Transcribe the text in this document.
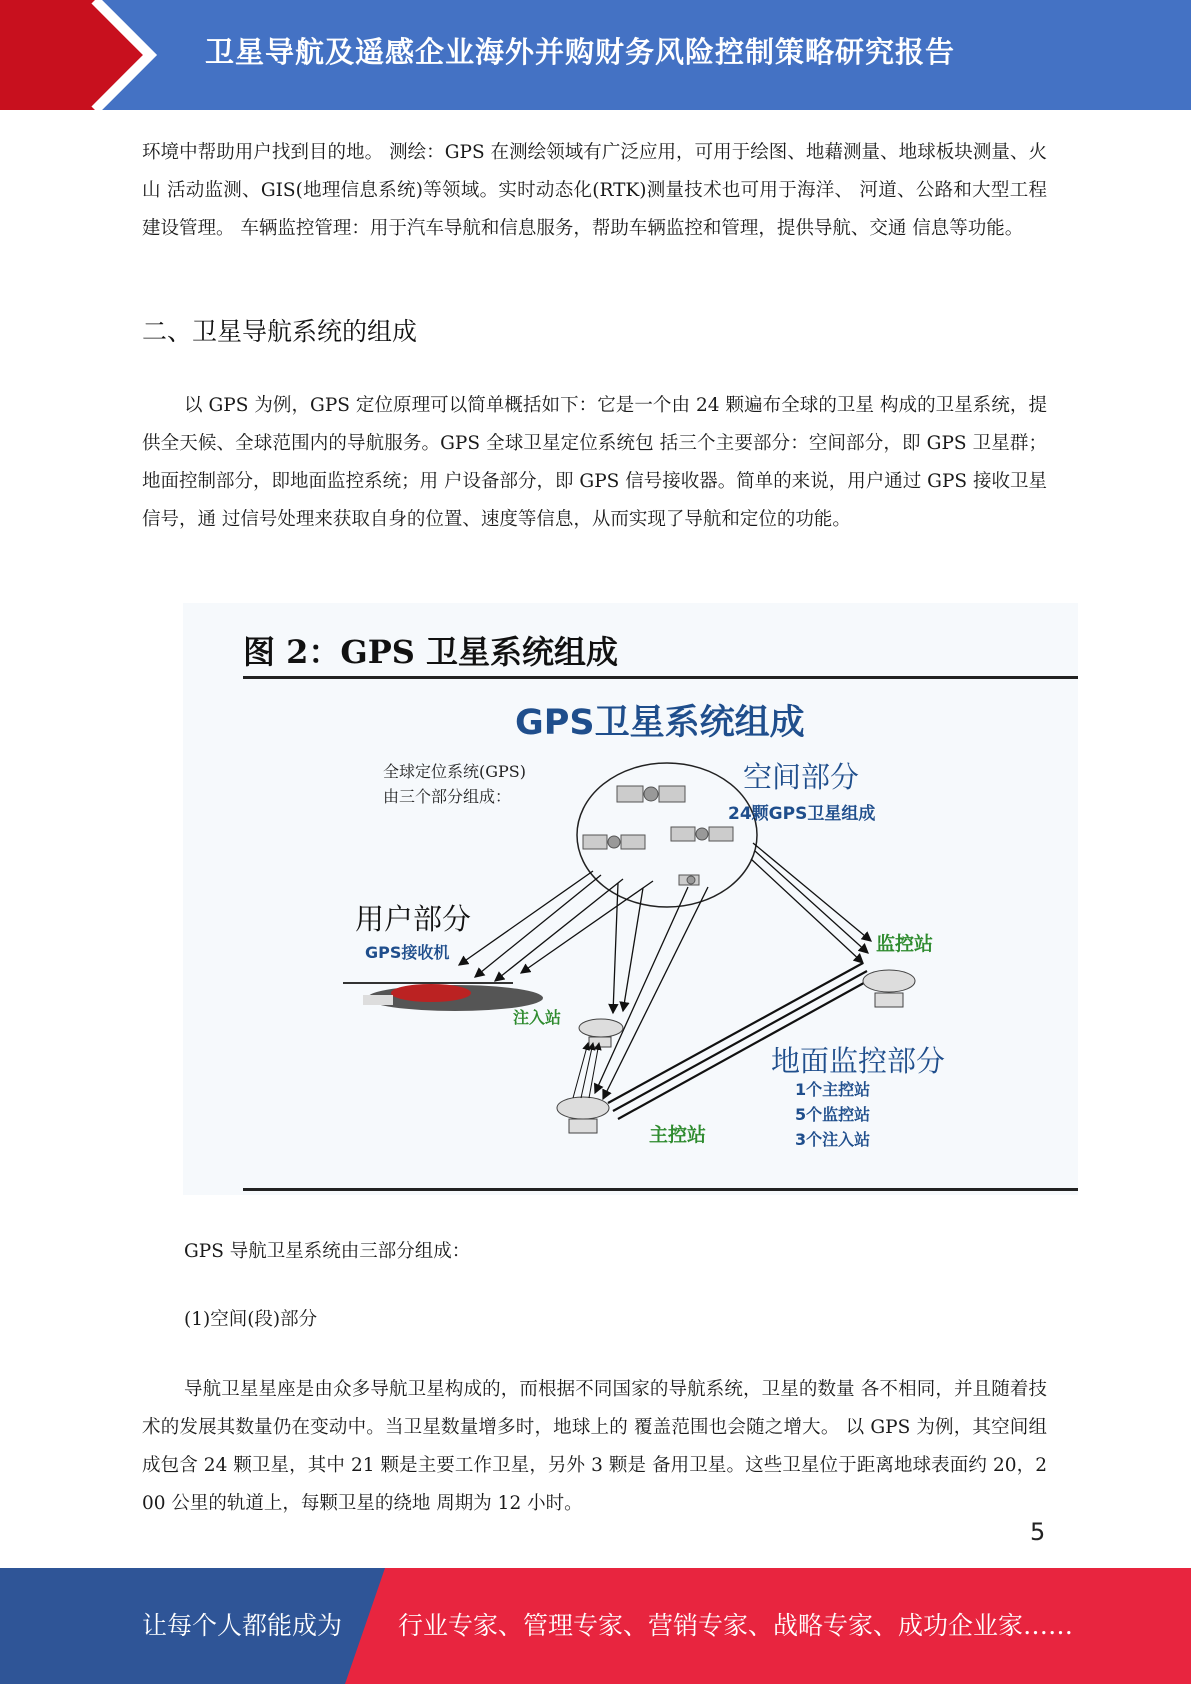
卫星导航及遥感企业海外并购财务风险控制策略研究报告
环境中帮助用户找到目的地。 测绘：GPS 在测绘领域有广泛应用，可用于绘图、地藉测量、地球板块测量、火山 活动监测、GIS(地理信息系统)等领域。实时动态化(RTK)测量技术也可用于海洋、 河道、公路和大型工程建设管理。 车辆监控管理：用于汽车导航和信息服务，帮助车辆监控和管理，提供导航、交通 信息等功能。
二、卫星导航系统的组成
以 GPS 为例，GPS 定位原理可以简单概括如下：它是一个由 24 颗遍布全球的卫星 构成的卫星系统，提供全天候、全球范围内的导航服务。GPS 全球卫星定位系统包 括三个主要部分：空间部分，即 GPS 卫星群；地面控制部分，即地面监控系统；用 户设备部分，即 GPS 信号接收器。简单的来说，用户通过 GPS 接收卫星信号，通 过信号处理来获取自身的位置、速度等信息，从而实现了导航和定位的功能。
图 2：GPS 卫星系统组成
GPS卫星系统组成
全球定位系统(GPS)
由三个部分组成：
空间部分
24颗GPS卫星组成
用户部分
GPS接收机	监控站
注入站
主控站
地面监控部分
1个主控站
5个监控站
3个注入站
GPS 导航卫星系统由三部分组成：
(1)空间(段)部分
导航卫星星座是由众多导航卫星构成的，而根据不同国家的导航系统，卫星的数量 各不相同，并且随着技术的发展其数量仍在变动中。当卫星数量增多时，地球上的 覆盖范围也会随之增大。 以 GPS 为例，其空间组成包含 24 颗卫星，其中 21 颗是主要工作卫星，另外 3 颗是 备用卫星。这些卫星位于距离地球表面约 20，200 公里的轨道上，每颗卫星的绕地 周期为 12 小时。
5
让每个人都能成为 行业专家、管理专家、营销专家、战略专家、成功企业家……
